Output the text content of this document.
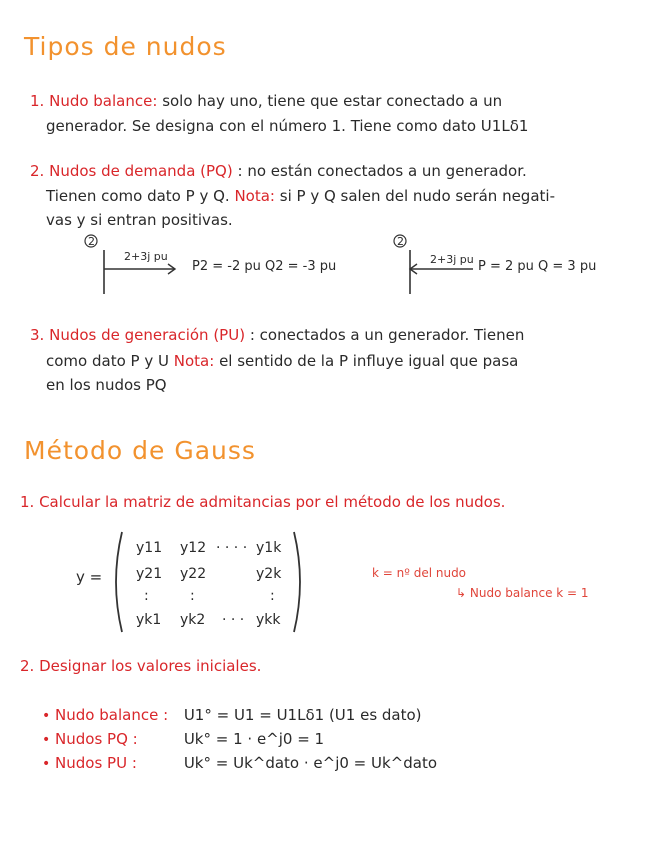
Tipos de nudos
1. Nudo balance: solo hay uno, tiene que estar conectado a un
generador. Se designa con el número 1. Tiene como dato U1Lδ1
2. Nudos de demanda (PQ) : no están conectados a un generador.
Tienen como dato P y Q. Nota: si P y Q salen del nudo serán negati-
vas y si entran positivas.
2
2+3j pu
P2 = -2 pu Q2 = -3 pu
2
2+3j pu P = 2 pu Q = 3 pu
3. Nudos de generación (PU) : conectados a un generador. Tienen
como dato P y U Nota: el sentido de la P influye igual que pasa
en los nudos PQ
Método de Gauss
1. Calcular la matriz de admitancias por el método de los nudos.
y =
y11 y12 · · · · y1k
y21 y22	y2k
:	:	:
yk1 yk2 · · · ykk
k = nº del nudo
↳ Nudo balance k = 1
2. Designar los valores iniciales.
• Nudo balance : U1° = U1 = U1Lδ1 (U1 es dato)
• Nudos PQ :	Uk° = 1 · e^j0 = 1
• Nudos PU :	Uk° = Uk^dato · e^j0 = Uk^dato
